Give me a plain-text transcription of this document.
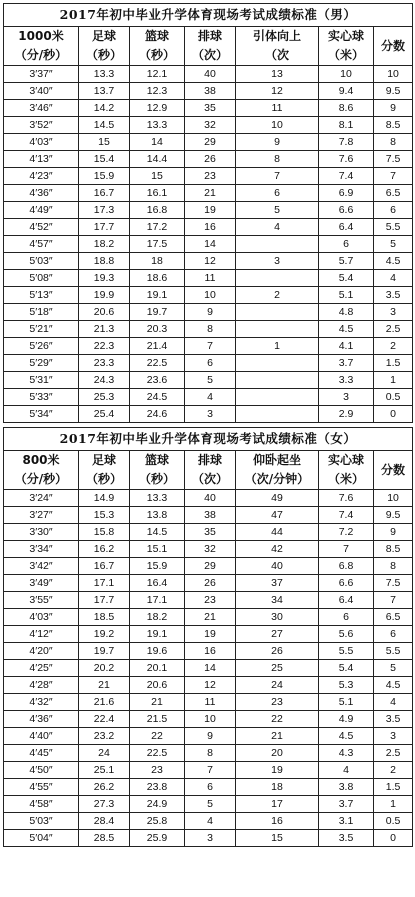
2017年初中毕业升学体育现场考试成绩标准（男）						
1000米	足球	篮球	排球	引体向上	实心球	分数
（分/秒）	（秒）	（秒）	（次）	（次	（米）	
3′37″	13.3	12.1	40	13	10	10
3′40″	13.7	12.3	38	12	9.4	9.5
3′46″	14.2	12.9	35	11	8.6	9
3′52″	14.5	13.3	32	10	8.1	8.5
4′03″	15	14	29	9	7.8	8
4′13″	15.4	14.4	26	8	7.6	7.5
4′23″	15.9	15	23	7	7.4	7
4′36″	16.7	16.1	21	6	6.9	6.5
4′49″	17.3	16.8	19	5	6.6	6
4′52″	17.7	17.2	16	4	6.4	5.5
4′57″	18.2	17.5	14		6	5
5′03″	18.8	18	12	3	5.7	4.5
5′08″	19.3	18.6	11		5.4	4
5′13″	19.9	19.1	10	2	5.1	3.5
5′18″	20.6	19.7	9		4.8	3
5′21″	21.3	20.3	8		4.5	2.5
5′26″	22.3	21.4	7	1	4.1	2
5′29″	23.3	22.5	6		3.7	1.5
5′31″	24.3	23.6	5		3.3	1
5′33″	25.3	24.5	4		3	0.5
5′34″	25.4	24.6	3		2.9	0
2017年初中毕业升学体育现场考试成绩标准（女）						
800米	足球	篮球	排球	仰卧起坐	实心球	分数
（分/秒）	（秒）	（秒）	（次）	（次/分钟）	（米）	
3′24″	14.9	13.3	40	49	7.6	10
3′27″	15.3	13.8	38	47	7.4	9.5
3′30″	15.8	14.5	35	44	7.2	9
3′34″	16.2	15.1	32	42	7	8.5
3′42″	16.7	15.9	29	40	6.8	8
3′49″	17.1	16.4	26	37	6.6	7.5
3′55″	17.7	17.1	23	34	6.4	7
4′03″	18.5	18.2	21	30	6	6.5
4′12″	19.2	19.1	19	27	5.6	6
4′20″	19.7	19.6	16	26	5.5	5.5
4′25″	20.2	20.1	14	25	5.4	5
4′28″	21	20.6	12	24	5.3	4.5
4′32″	21.6	21	11	23	5.1	4
4′36″	22.4	21.5	10	22	4.9	3.5
4′40″	23.2	22	9	21	4.5	3
4′45″	24	22.5	8	20	4.3	2.5
4′50″	25.1	23	7	19	4	2
4′55″	26.2	23.8	6	18	3.8	1.5
4′58″	27.3	24.9	5	17	3.7	1
5′03″	28.4	25.8	4	16	3.1	0.5
5′04″	28.5	25.9	3	15	3.5	0
